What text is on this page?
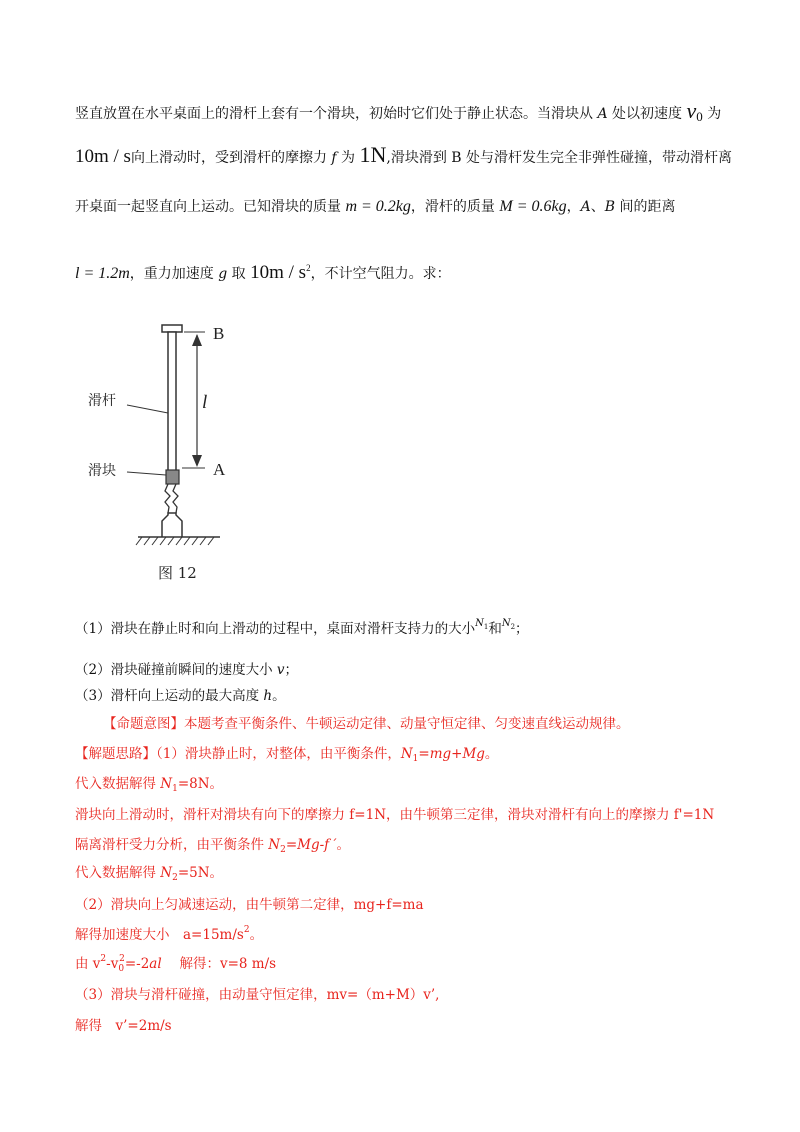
竖直放置在水平桌面上的滑杆上套有一个滑块，初始时它们处于静止状态。当滑块从 A 处以初速度 v0 为
10m / s向上滑动时，受到滑杆的摩擦力 f 为 1N,滑块滑到 B 处与滑杆发生完全非弹性碰撞，带动滑杆离
开桌面一起竖直向上运动。已知滑块的质量 m = 0.2kg，滑杆的质量 M = 0.6kg，A、B 间的距离
l = 1.2m，重力加速度 g 取 $10m / s^2$，不计空气阻力。求：
滑杆
滑块
B
A
l
图 12
（1）滑块在静止时和向上滑动的过程中，桌面对滑杆支持力的大小$^{N1}$和$^{N2}$；
（2）滑块碰撞前瞬间的速度大小 v；
（3）滑杆向上运动的最大高度 h。
【命题意图】本题考查平衡条件、牛顿运动定律、动量守恒定律、匀变速直线运动规律。
【解题思路】（1）滑块静止时，对整体，由平衡条件，$N_1=mg+Mg$。
代入数据解得 $N_1=8N$。
滑块向上滑动时，滑杆对滑块有向下的摩擦力 f=1N，由牛顿第三定律，滑块对滑杆有向上的摩擦力 f'=1N
隔离滑杆受力分析，由平衡条件 $N_2=Mg-f$ ′。
代入数据解得 $N_2=5N$。
（2）滑块向上匀减速运动，由牛顿第二定律，mg+f=ma
解得加速度大小　$a=15m/s^2$。
由 $v^2-v_0^2=-2al$　 解得：v=8 m/s
（3）滑块与滑杆碰撞，由动量守恒定律，mv=（m+M）v’,
解得　v’=2m/s
